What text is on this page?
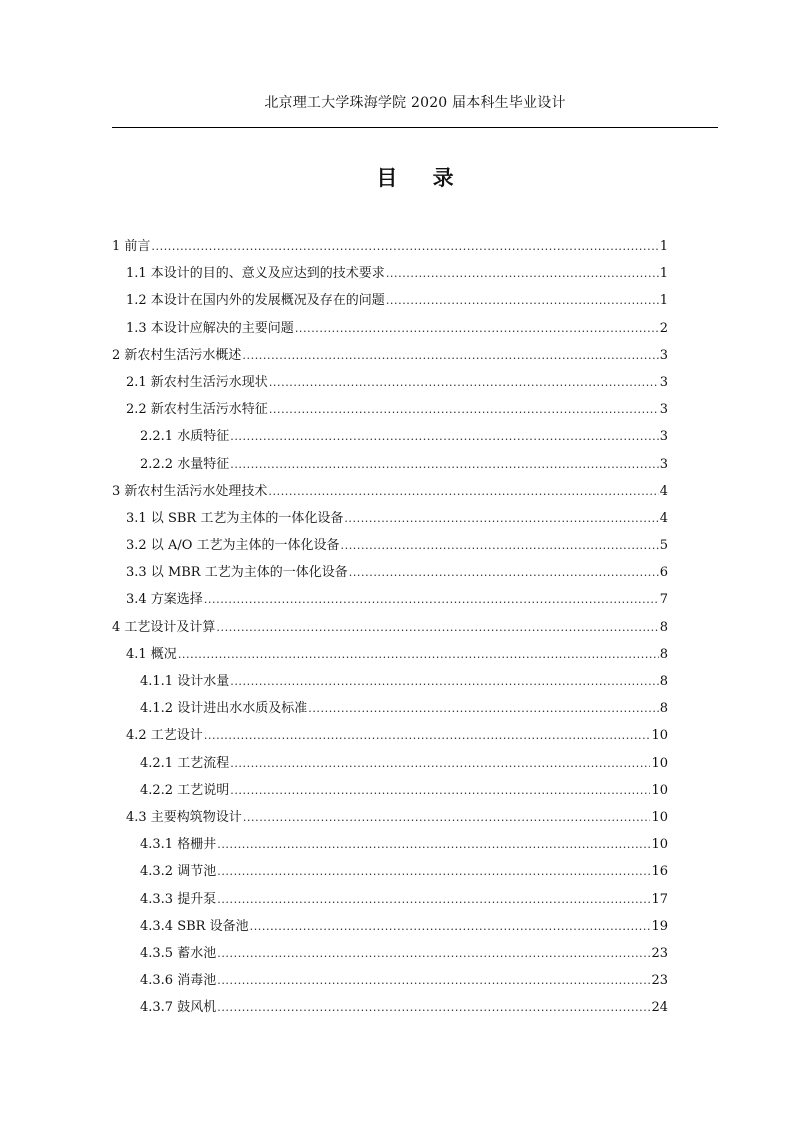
北京理工大学珠海学院 2020 届本科生毕业设计
目 录
1 前言 .....	1
1.1 本设计的目的、意义及应达到的技术要求 .....	1
1.2 本设计在国内外的发展概况及存在的问题 .....	1
1.3 本设计应解决的主要问题 .....	2
2 新农村生活污水概述 .....	3
2.1 新农村生活污水现状 .....	3
2.2 新农村生活污水特征 .....	3
2.2.1 水质特征 .....	3
2.2.2 水量特征 .....	3
3 新农村生活污水处理技术 .....	4
3.1 以 SBR 工艺为主体的一体化设备 .....	4
3.2 以 A/O 工艺为主体的一体化设备 .....	5
3.3 以 MBR 工艺为主体的一体化设备 .....	6
3.4 方案选择 .....	7
4 工艺设计及计算 .....	8
4.1 概况 .....	8
4.1.1 设计水量 .....	8
4.1.2 设计进出水水质及标准 .....	8
4.2 工艺设计 .....	10
4.2.1 工艺流程 .....	10
4.2.2 工艺说明 .....	10
4.3 主要构筑物设计 .....	10
4.3.1 格栅井 .....	10
4.3.2 调节池 .....	16
4.3.3 提升泵 .....	17
4.3.4 SBR 设备池 .....	19
4.3.5 蓄水池 .....	23
4.3.6 消毒池 .....	23
4.3.7 鼓风机 .....	24
